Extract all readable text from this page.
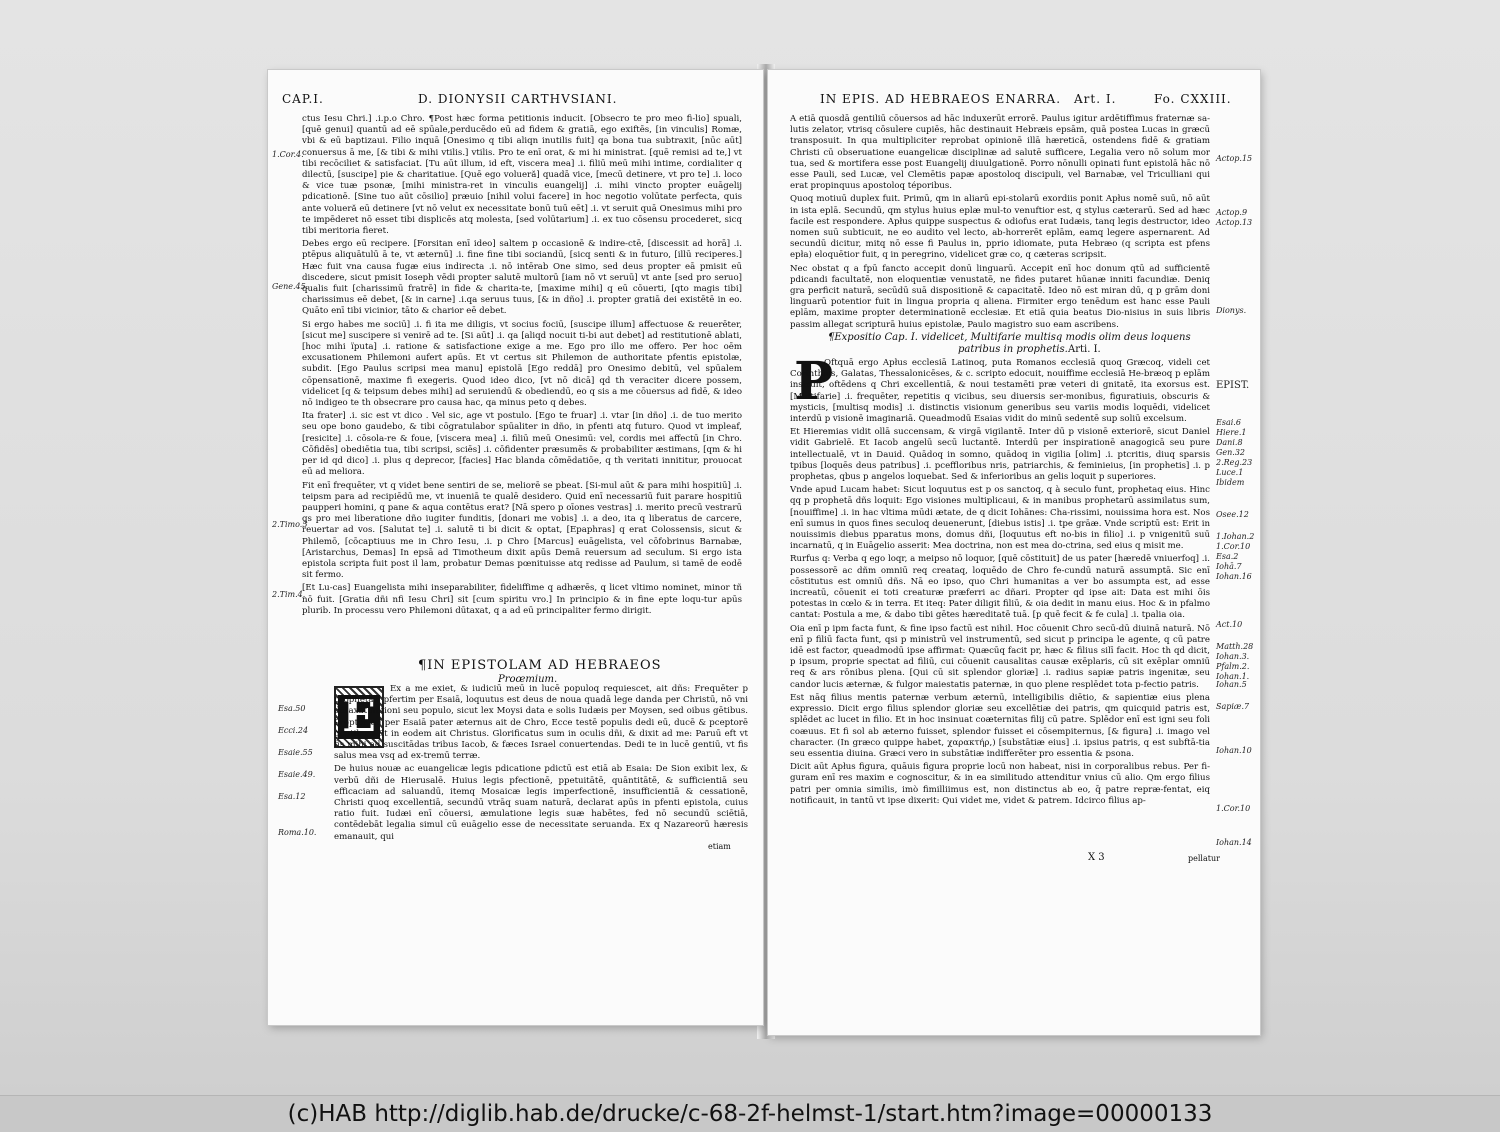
CAP.I.	D. DIONYSII CARTHVSIANI.

ctus Iesu Chri.] .i.p.o Chro. ¶Post hæc forma petitionis inducit. [Obsecro te pro meo fi-lio] spuali, [quē genui] quantū ad eē spūale,perducēdo eū ad fidem & gratiā, ego exiftēs, [in vinculis] Romæ, vbi & eū baptizaui. Filio inquā [Onesimo q tibi aliqn inutilis fuit] qa bona tua subtraxit, [nūc aūt] conuersus ā me, [& tibi & mihi vtilis.] vtilis. Pro te enī orat, & mi hi ministrat. [quē remisi ad te,] vt tibi recōciliet & satisfaciat. [Tu aūt illum, id eft, viscera mea] .i. filiū meū mihi intime, cordialiter q dilectū, [suscipe] pie & charitatiue. [Quē ego volueră] quadā vice, [mecū detinere, vt pro te] .i. loco & vice tuæ psonæ, [mihi ministra-ret in vinculis euangelij] .i. mihi vincto propter euāgelij pdicationē. [Sine tuo aūt cōsilio] præuio [nihil volui facere] in hoc negotio volūtate perfecta, quis ante volueră eū detinere [vt nō velut ex necessitate bonū tuū eēt] .i. vt seruit quā Onesimus mihi pro te impēderet nō esset tibi displicēs atq molesta, [sed volūtarium] .i. ex tuo cōsensu procederet, sicq tibi meritoria fieret.

Debes ergo eū recipere. [Forsitan enī ideo] saltem p occasionē & indire-ctē, [discessit ad horā] .i. ptēpus aliquātulū ā te, vt æternū] .i. fine fine tibi sociandū, [sicq senti & in futuro, [illū reciperes.] Hæc fuit vna causa fugæ eius indirecta .i. nō intērab One simo, sed deus propter eā pmisit eū discedere, sicut pmisit Ioseph vēdi propter salutē multorū [iam nō vt seruū] vt ante [sed pro seruo] qualis fuit [charissimū fratrē] in fide & charita-te, [maxime mihi] q eū cōuerti, [qto magis tibi] charissimus eē debet, [& in carne] .i.qa seruus tuus, [& in dño] .i. propter gratiā dei existētē in eo. Quāto enī tibi vicinior, tāto & charior eē debet.

Si ergo habes me sociū] .i. fi ita me diligis, vt socius fociū, [suscipe illum] affectuose & reuerēter, [sicut me] suscipere si venirē ad te. [Si aūt] .i. qa [aliqd nocuit ti-bi aut debet] ad restitutionē ablati, [hoc mihi ïputa] .i. ratione & satisfactione exige a me. Ego pro illo me offero. Per hoc oēm excusationem Philemoni aufert apūs. Et vt certus sit Philemon de authoritate pfentis epistolæ, subdit. [Ego Paulus scripsi mea manu] epistolā [Ego reddā] pro Onesimo debitū, vel spūalem cōpensationē, maxime fi exegeris. Quod ideo dico, [vt nō dicā] qd th veraciter dicere possem, videlicet [q & teipsum debes mihi] ad seruiendū & obediendū, eo q sis a me cōuersus ad fidē, & ideo nō indigeo te th obsecrare pro causa hac, qa minus peto q debes.

Ita frater] .i. sic est vt dico . Vel sic, age vt postulo. [Ego te fruar] .i. vtar [in dño] .i. de tuo merito seu ope bono gaudebo, & tibi cōgratulabor spūaliter in dño, in pfenti atq futuro. Quod vt impleaf, [resicite] .i. cōsola-re & foue, [viscera mea] .i. filiū meū Onesimū: vel, cordis mei affectū [in Chro. Cōfidēs] obediētia tua, tibi scripsi, sciēs] .i. cōfidenter præsumēs & probabiliter æstimans, [qm & hi per id qd dico] .i. plus q deprecor, [facies] Hac blanda cōmēdatiōe, q th veritati innititur, prouocat eū ad meliora.

Fit enī frequēter, vt q videt bene sentiri de se, meliorē se pbeat. [Si-mul aūt & para mihi hospitiū] .i. teipsm para ad recipiēdū me, vt inueniā te qualē desidero. Quid enī necessariū fuit parare hospitiū paupperi homini, q pane & aqua contētus erat? [Nā spero p oīones vestras] .i. merito precū vestrarū qs pro mei liberatione dño iugiter funditis, [donari me vobis] .i. a deo, ita q liberatus de carcere, reuertar ad vos. [Salutat te] .i. salutē ti bi dicit & optat, [Epaphras] q erat Colossensis, sicut & Philemō, [cōcaptiuus me in Chro Iesu, .i. p Chro [Marcus] euāgelista, vel cōfobrinus Barnabæ, [Aristarchus, Demas] In epsā ad Timotheum dixit apūs Demā reuersum ad seculum. Si ergo ista epistola scripta fuit post il lam, probatur Demas pœnituisse atq redisse ad Paulum, si tamē de eodē sit fermo.

[Et Lu-cas] Euangelista mihi inseparabiliter, fideliffime q adhærēs, q licet vltimo nominet, minor tñ nō fuit. [Gratia dñi nfi Iesu Chri] sit [cum spiritu vro.] In principio & in fine epte loqu-tur apūs plurib. In processu vero Philemoni dūtaxat, q a ad eū principaliter fermo dirigit.

¶IN EPISTOLAM AD HEBRAEOS
Proœmium.
E

Ex a me exiet, & iudiciū meū in lucē populoq requiescet, ait dñs: Frequēter p prophetas, pfertim per Esaiā, loquutus est deus de noua quadā lege danda per Christū, nō vni dūtaxat nationi seu populo, sicut lex Moysi data e solis Iudæis per Moysen, sed oibus gētibus. Propter qd per Esaiā pater æternus ait de Chro, Ecce testē populis dedi eū, ducē & pceptorē gentibus. Et in eodem ait Christus. Glorificatus sum in oculis dñi, & dixit ad me: Paruū eft vt fis mihi ad suscitādas tribus Iacob, & fæces Israel conuertendas. Dedi te in lucē gentiū, vt fis salus mea vsq ad ex-tremū terræ.

De huius nouæ ac euangelicæ legis pdicatione pdictū est etiā ab Esaia: De Sion exibit lex, & verbū dñi de Hierusalē. Huius legis pfectionē, ppetuitātē, quāntitātē, & sufficientiā seu efficaciam ad saluandū, itemq Mosaicæ legis imperfectionē, insufficientiā & cessationē, Christi quoq excellentiā, secundū vtrāq suam naturā, declarat apūs in pfenti epistola, cuius ratio fuit. Iudæi enī cōuersi, æmulatione legis suæ habētes, fed nō secundū sciētiā, contēdebāt legalia simul cū euāgelio esse de necessitate seruanda. Ex q Nazareorū hæresis emanauit, qui

etiam
1.Cor.4.
Gene.45.
2.Timo.5
2.Tim.4.
Esa.50
Ecci.24
Esaie.55
Esaie.49.
Esa.12
Roma.10.
IN EPIS. AD HEBRAEOS ENARRA. Art. I.	Fo. CXXIII.

A etiā quosdā gentiliū cōuersos ad hāc induxerūt errorē. Paulus igitur ardētiffimus fraternæ sa-lutis zelator, vtrisq cōsulere cupiēs, hāc destinauit Hebræis epsām, quā postea Lucas in græcū transposuit. In qua multipliciter reprobat opinionē illā hæreticā, ostendens fidē & gratiam Christi cū obseruatione euangelicæ disciplinæ ad salutē sufficere, Legalia vero nō solum mor tua, sed & mortifera esse post Euangelij diuulgationē. Porro nōnulli opinati funt epistolā hāc nō esse Pauli, sed Lucæ, vel Clemētis papæ apostoloq discipuli, vel Barnabæ, vel Triculliani qui erat propinquus apostoloq téporibus.

Quoq motiuū duplex fuit. Primū, qm in aliarū epi-stolarū exordiis ponit Apłus nomē suū, nō aūt in ista eplā. Secundū, qm stylus huius eplæ mul-to venuftior est, q stylus cæterarū. Sed ad hæc facile est respondere. Apłus quippe suspectus & odiofus erat Iudæis, tanq legis destructor, ideo nomen suū subticuit, ne eo audito vel lecto, ab-horrerēt eplām, eamq legere aspernarent. Ad secundū dicitur, mitq nō esse fi Paulus in, pprio idiomate, puta Hebræo (q scripta est pfens epła) eloquētior fuit, q in peregrino, videlicet græ co, q cæteras scripsit.

Nec obstat q a fpū fancto accepit donū linguarū. Accepit enī hoc donum qtū ad sufficientē pdicandi facultatē, non eloquentiæ venustatē, ne fides putaret hūanæ inniti facundiæ. Deniq gra perficit naturā, secūdū suā dispositionē & capacitatē. Ideo nō est miran dū, q p grām doni linguarū potentior fuit in lingua propria q aliena. Firmiter ergo tenēdum est hanc esse Pauli eplām, maxime propter determinationē ecclesiæ. Et etiā quia beatus Dio-nisius in suis libris passim allegat scripturā huius epistolæ, Paulo magistro suo eam ascribens.

¶Expositio Cap. I. videlicet, Multifarie multisq modis olim deus loquens
patribus in prophetis. Arti. I.
P

Oftquā ergo Apłus ecclesiā Latinoq, puta Romanos ecclesiā quoq Græcoq, videli cet Corinthios, Galatas, Thessalonicēses, & c. scripto edocuit, nouiffime ecclesiā He-bræoq p eplām instruit, oftēdens q Chri excellentiā, & noui testamēti præ veteri di gnitatē, ita exorsus est. [Multifarie] .i. frequēter, repetitis q vicibus, seu diuersis ser-monibus, figuratiuis, obscuris & mysticis, [multisq modis] .i. distinctis visionum generibus seu variis modis loquēdi, videlicet interdū p visionē imaginariā. Queadmodū Esaias vidit do minū sedentē sup soliū excelsum.

Et Hieremias vidit ollā succensam, & virgā vigilantē. Inter dū p visionē exteriorē, sicut Daniel vidit Gabrielē. Et Iacob angelū secū luctantē. Interdū per inspirationē anagogicā seu pure intellectualē, vt in Dauid. Quādoq in somno, quādoq in vigilia [olim] .i. ptcritis, diuq sparsis tpibus [loquēs deus patribus] .i. pceffloribus nris, patriarchis, & feminieius, [in prophetis] .i. p prophetas, qbus p angelos loquebat. Sed & inferioribus an gelis loquit p superiores.

Vnde apud Lucam habet: Sicut loquutus est p os sanctoq, q à seculo funt, prophetaq eius. Hinc qq p prophetā dñs loquit: Ego visiones multiplicaui, & in manibus prophetarū assimilatus sum, [nouiffime] .i. in hac vltima mūdi ætate, de q dicit Iohānes: Cha-rissimi, nouissima hora est. Nos enī sumus in quos fines seculoq deuenerunt, [diebus istis] .i. tpe grāæ. Vnde scriptū est: Erit in nouissimis diebus pparatus mons, domus dñi, [loquutus eft no-bis in filio] .i. p vnigenitū suū incarnatū, q in Euāgelio asserit: Mea doctrina, non est mea do-ctrina, sed eius q misit me.

Rurfus q: Verba q ego loqr, a meipso nō loquor, [quē cōstituit] de us pater [hæredē vniuerfoq] .i. possessorē ac dñm omniū req creataq, loquēdo de Chro fe-cundū naturā assumptā. Sic enī cōstitutus est omniū dñs. Nā eo ipso, quo Chri humanitas a ver bo assumpta est, ad esse increatū, cōuenit ei toti creaturæ præferri ac dñari. Propter qd ipse ait: Data est mihi ōis potestas in cœlo & in terra. Et iteq: Pater diligit filiū, & oia dedit in manu eius. Hoc & in pfalmo cantat: Postula a me, & dabo tibi gētes hæreditatē tuā. [p quē fecit & fe cula] .i. tpalia oia.

Oia enī p ipm facta funt, & fine ipso factū est nihil. Hoc cōuenit Chro secū-dū diuinā naturā. Nō enī p filiū facta funt, qsi p ministrū vel instrumentū, sed sicut p principa le agente, q cū patre idē est factor, queadmodū ipse affirmat: Quæcūq facit pr, hæc & filius silī facit. Hoc th qd dicit, p ipsum, proprie spectat ad filiū, cui cōuenit causalitas causæ exēplaris, cū sit exēplar omniū req & ars rōnibus plena. [Qui cū sit splendor gloriæ] .i. radius sapiæ patris ingenitæ, seu candor lucis æternæ, & fulgor maiestatis paternæ, in quo plene resplēdet tota p-fectio patris.

Est nāq filius mentis paternæ verbum æternū, intelligibilis diētio, & sapientiæ eius plena expressio. Dicit ergo filius splendor gloriæ seu excellētiæ dei patris, qm quicquid patris est, splēdet ac lucet in filio. Et in hoc insinuat coæternitas filij cū patre. Splēdor enī est igni seu foli coæuus. Et fi sol ab æterno fuisset, splendor fuisset ei cōsempiternus, [& figura] .i. imago vel character. (In græco quippe habet, χαρακτήρ,) [substātiæ eius] .i. ipsius patris, q est subftā-tia seu essentia diuina. Græci vero in substātiæ indifferēter pro essentia & psona.

Dicit aūt Apłus figura, quāuis figura proprie locū non habeat, nisi in corporalibus rebus. Per fi-guram enī res maxim e cognoscitur, & in ea similitudo attenditur vnius cū alio. Qm ergo filius patri per omnia similis, imò fimilliimus est, non distinctus ab eo, q̄ patre repræ-fentat, eiq notificauit, in tantū vt ipse dixerit: Qui videt me, videt & patrem. Idcirco filius ap-

X 3	pellatur
Actop.15
Actop.9
Actop.13
Dionys.
EPIST.
Esai.6
Hiere.1
Dani.8
Gen.32
2.Reg.23
Luce.1
Ibidem
Osee.12
1.Iohan.2
1.Cor.10
Esa.2
Iohā.7
Iohan.16
Act.10
Matth.28
Iohan.3.
Pfalm.2.
Iohan.1.
Iohan.5
Sapiæ.7
Iohan.10
1.Cor.10
Iohan.14
(c)HAB http://diglib.hab.de/drucke/c-68-2f-helmst-1/start.htm?image=00000133
